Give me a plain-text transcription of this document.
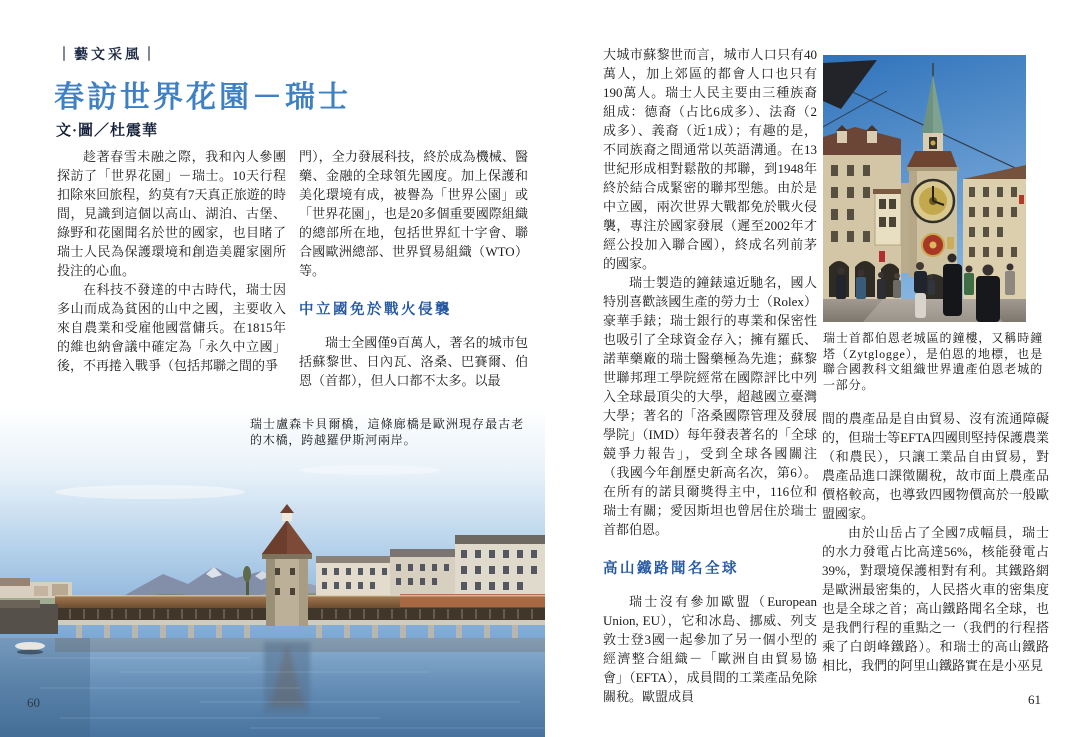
｜藝文采風｜
春訪世界花園－瑞士
文·圖／杜震華

趁著春雪未融之際，我和內人參團探訪了「世界花園」－瑞士。10天行程扣除來回旅程，約莫有7天真正旅遊的時間，見識到這個以高山、湖泊、古堡、綠野和花園聞名於世的國家，也目睹了瑞士人民為保護環境和創造美麗家園所投注的心血。

在科技不發達的中古時代，瑞士因多山而成為貧困的山中之國，主要收入來自農業和受雇他國當傭兵。在1815年的維也納會議中確定為「永久中立國」後，不再捲入戰爭（包括邦聯之間的爭

門），全力發展科技，終於成為機械、醫藥、金融的全球領先國度。加上保護和美化環境有成，被譽為「世界公園」或「世界花園」，也是20多個重要國際組織的總部所在地，包括世界紅十字會、聯合國歐洲總部、世界貿易組織（WTO）等。

中立國免於戰火侵襲

瑞士全國僅9百萬人，著名的城市包括蘇黎世、日內瓦、洛桑、巴賽爾、伯恩（首都），但人口都不太多。以最

瑞士盧森卡貝爾橋，這條廊橋是歐洲現存最古老的木橋，跨越羅伊斯河兩岸。
60

大城市蘇黎世而言，城市人口只有40萬人，加上郊區的都會人口也只有190萬人。瑞士人民主要由三種族裔組成：德裔（占比6成多）、法裔（2成多）、義裔（近1成）；有趣的是，不同族裔之間通常以英語溝通。在13世紀形成相對鬆散的邦聯，到1948年終於結合成緊密的聯邦型態。由於是中立國，兩次世界大戰都免於戰火侵襲，專注於國家發展（遲至2002年才經公投加入聯合國），終成名列前茅的國家。

瑞士製造的鐘錶遠近馳名，國人特別喜歡該國生產的勞力士（Rolex）豪華手錶；瑞士銀行的專業和保密性也吸引了全球資金存入；擁有羅氏、諾華藥廠的瑞士醫藥極為先進；蘇黎世聯邦理工學院經常在國際評比中列入全球最頂尖的大學，超越國立臺灣大學；著名的「洛桑國際管理及發展學院」（IMD）每年發表著名的「全球競爭力報告」，受到全球各國關注（我國今年創歷史新高名次，第6）。在所有的諾貝爾獎得主中，116位和瑞士有關；愛因斯坦也曾居住於瑞士首都伯恩。

高山鐵路聞名全球

瑞士沒有參加歐盟（European Union, EU），它和冰島、挪威、列支敦士登3國一起參加了另一個小型的經濟整合組織－「歐洲自由貿易協會」（EFTA），成員間的工業產品免除關稅。歐盟成員

瑞士首都伯恩老城區的鐘樓，又稱時鐘塔（Zytglogge），是伯恩的地標，也是聯合國教科文組織世界遺產伯恩老城的一部分。

間的農產品是自由貿易、沒有流通障礙的，但瑞士等EFTA四國則堅持保護農業（和農民），只讓工業品自由貿易，對農產品進口課徵關稅，故市面上農產品價格較高，也導致四國物價高於一般歐盟國家。

由於山岳占了全國7成幅員，瑞士的水力發電占比高達56%，核能發電占39%，對環境保護相對有利。其鐵路網是歐洲最密集的，人民搭火車的密集度也是全球之首；高山鐵路聞名全球，也是我們行程的重點之一（我們的行程搭乘了白朗峰鐵路）。和瑞士的高山鐵路相比，我們的阿里山鐵路實在是小巫見

61
